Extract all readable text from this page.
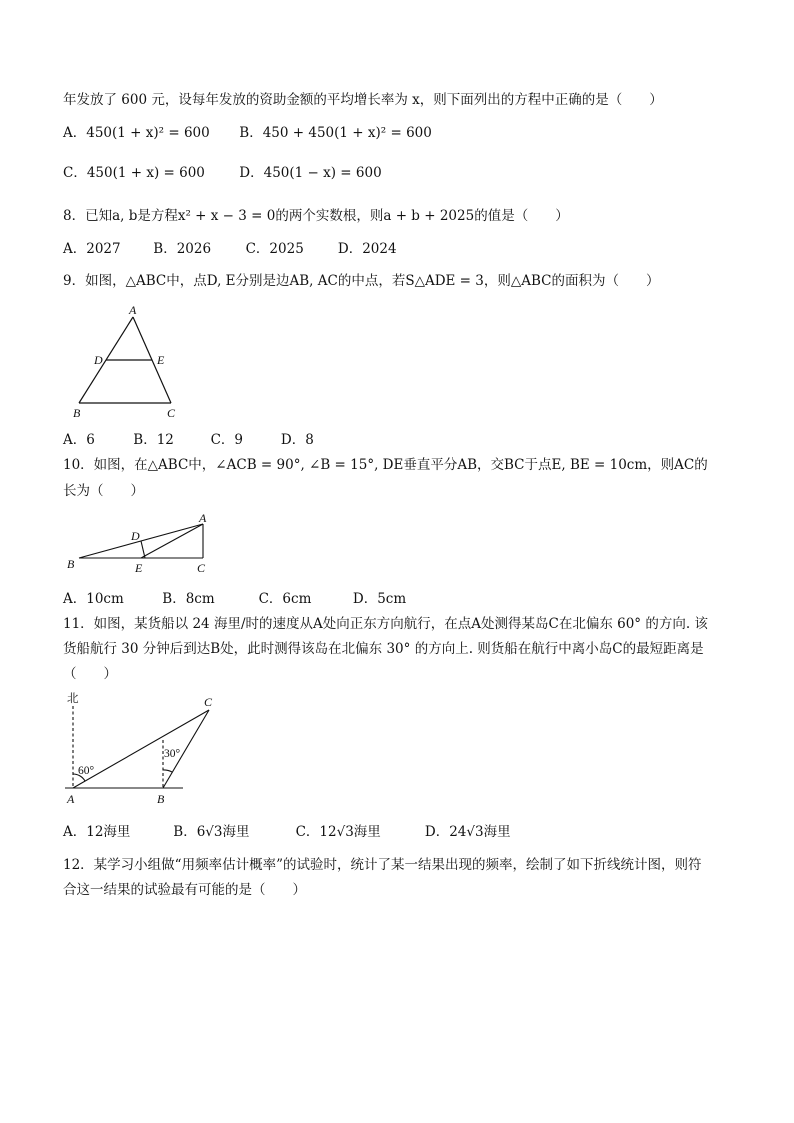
年发放了 600 元，设每年发放的资助金额的平均增长率为 x，则下面列出的方程中正确的是（　　）
A．450(1 + x)² = 600 B．450 + 450(1 + x)² = 600
C．450(1 + x) = 600	D．450(1 − x) = 600
8．已知a, b是方程x² + x − 3 = 0的两个实数根，则a + b + 2025的值是（　　）
A．2027 B．2026	C．2025	D．2024
9．如图，△ABC中，点D, E分别是边AB, AC的中点，若S△ADE = 3，则△ABC的面积为（　　）
A
D	E
B	C
A．6	B．12	C．9	D．8
10．如图，在△ABC中，∠ACB = 90°, ∠B = 15°, DE垂直平分AB，交BC于点E, BE = 10cm，则AC的
长为（　　）
A
D
B	E	C
A．10cm	B．8cm	C．6cm	D．5cm
11．如图，某货船以 24 海里/时的速度从A处向正东方向航行，在点A处测得某岛C在北偏东 60° 的方向. 该
货船航行 30 分钟后到达B处，此时测得该岛在北偏东 30° 的方向上. 则货船在航行中离小岛C的最短距离是
（　　）
北
60°
30°
A	B
C
A．12海里	B．6√3海里	C．12√3海里	D．24√3海里
12．某学习小组做“用频率估计概率”的试验时，统计了某一结果出现的频率，绘制了如下折线统计图，则符
合这一结果的试验最有可能的是（　　）
